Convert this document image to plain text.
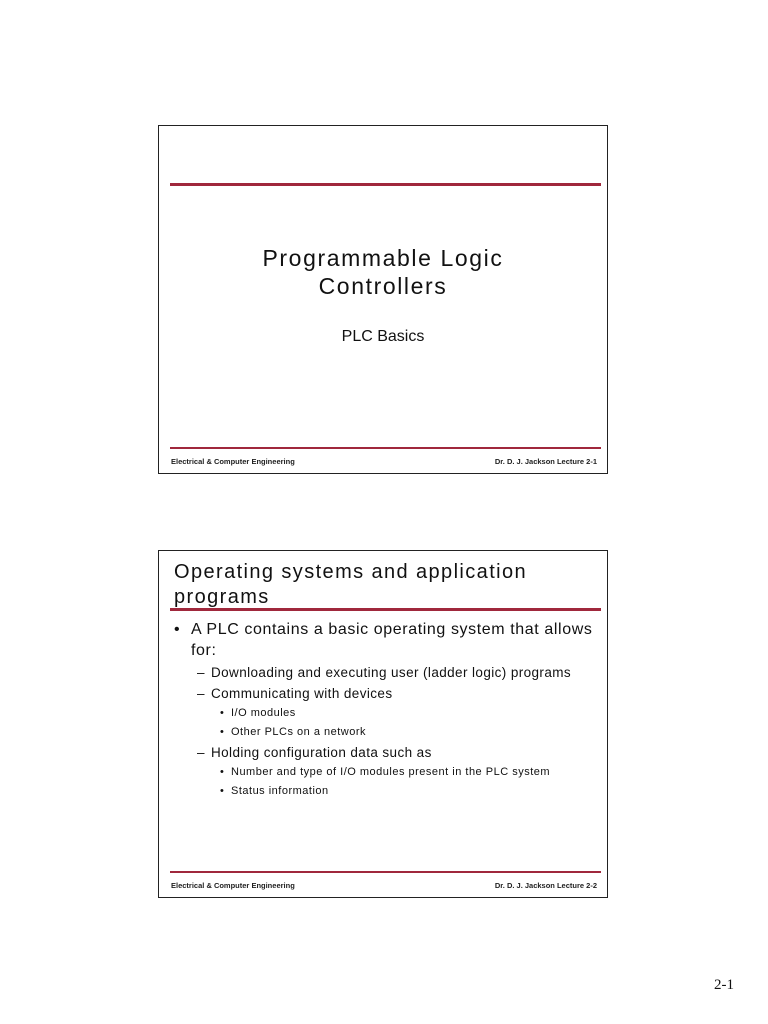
Programmable Logic
Controllers
PLC Basics
Electrical & Computer Engineering	Dr. D. J. Jackson Lecture 2-1
Operating systems and application programs
• A PLC contains a basic operating system that allows for:
– Downloading and executing user (ladder logic) programs
– Communicating with devices
• I/O modules
• Other PLCs on a network
– Holding configuration data such as
• Number and type of I/O modules present in the PLC system
• Status information
Electrical & Computer Engineering	Dr. D. J. Jackson Lecture 2-2
2-1
